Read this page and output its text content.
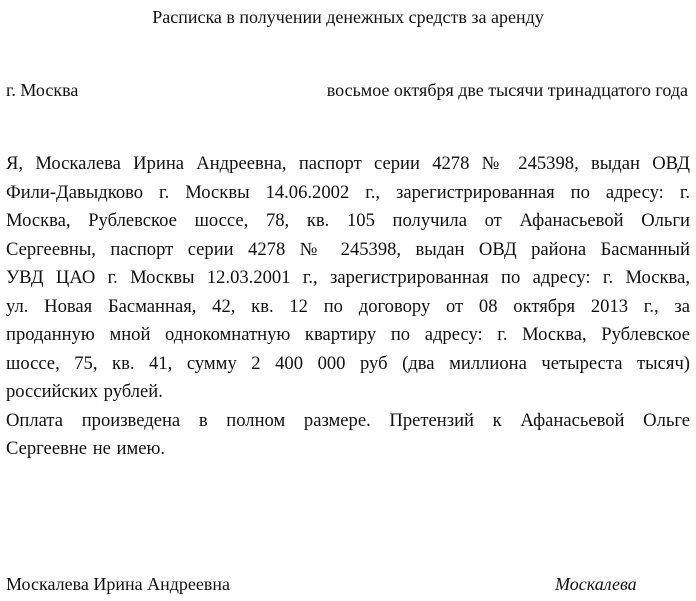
Расписка в получении денежных средств за аренду
г. Москва	восьмое октября две тысячи тринадцатого года
Я, Москалева Ирина Андреевна, паспорт серии 4278 № 245398, выдан ОВД
Фили-Давыдково г. Москвы 14.06.2002 г., зарегистрированная по адресу: г.
Москва, Рублевское шоссе, 78, кв. 105 получила от Афанасьевой Ольги
Сергеевны, паспорт серии 4278 № 245398, выдан ОВД района Басманный
УВД ЦАО г. Москвы 12.03.2001 г., зарегистрированная по адресу: г. Москва,
ул. Новая Басманная, 42, кв. 12 по договору от 08 октября 2013 г., за
проданную мной однокомнатную квартиру по адресу: г. Москва, Рублевское
шоссе, 75, кв. 41, сумму 2 400 000 руб (два миллиона четыреста тысяч)
российских рублей.
Оплата произведена в полном размере. Претензий к Афанасьевой Ольге
Сергеевне не имею.
Москалева Ирина Андреевна	Москалева
